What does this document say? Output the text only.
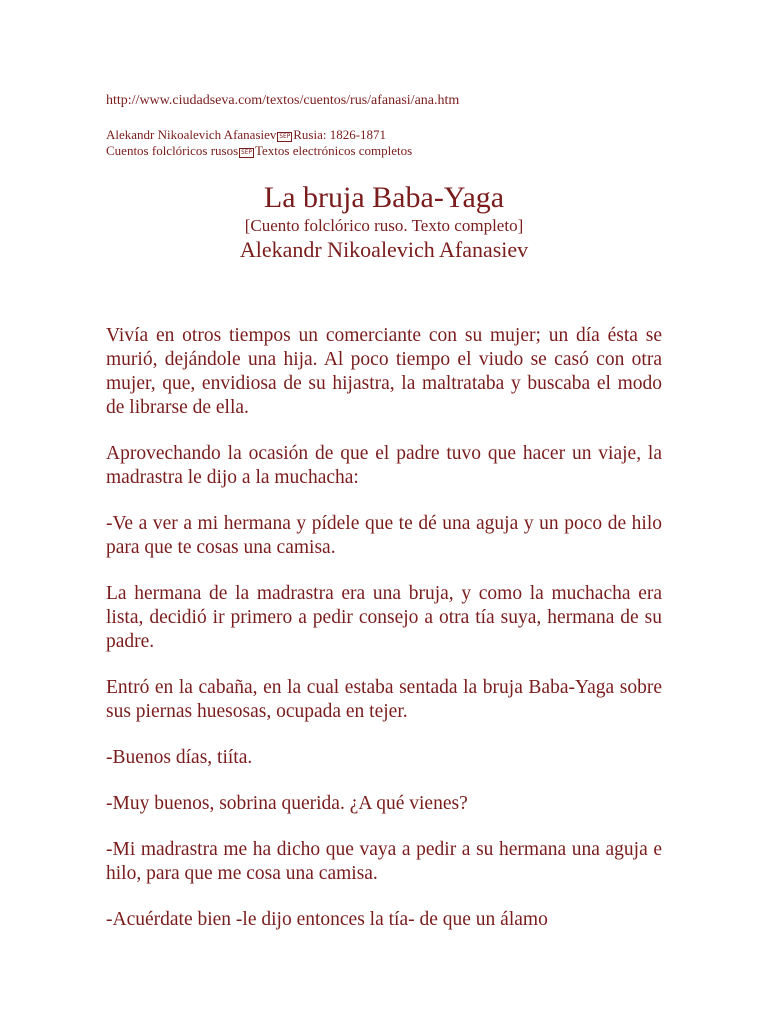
http://www.ciudadseva.com/textos/cuentos/rus/afanasi/ana.htm
Alekandr Nikoalevich Afanasiev SEP Rusia: 1826-1871
Cuentos folclóricos rusos SEP Textos electrónicos completos
La bruja Baba-Yaga
[Cuento folclórico ruso. Texto completo]
Alekandr Nikoalevich Afanasiev

Vivía en otros tiempos un comerciante con su mujer; un día ésta se murió, dejándole una hija. Al poco tiempo el viudo se casó con otra mujer, que, envidiosa de su hijastra, la maltrataba y buscaba el modo de librarse de ella.

Aprovechando la ocasión de que el padre tuvo que hacer un viaje, la madrastra le dijo a la muchacha:

-Ve a ver a mi hermana y pídele que te dé una aguja y un poco de hilo para que te cosas una camisa.

La hermana de la madrastra era una bruja, y como la muchacha era lista, decidió ir primero a pedir consejo a otra tía suya, hermana de su padre.

Entró en la cabaña, en la cual estaba sentada la bruja Baba-Yaga sobre sus piernas huesosas, ocupada en tejer.

-Buenos días, tiíta.

-Muy buenos, sobrina querida. ¿A qué vienes?

-Mi madrastra me ha dicho que vaya a pedir a su hermana una aguja e hilo, para que me cosa una camisa.

-Acuérdate bien -le dijo entonces la tía- de que un álamo
